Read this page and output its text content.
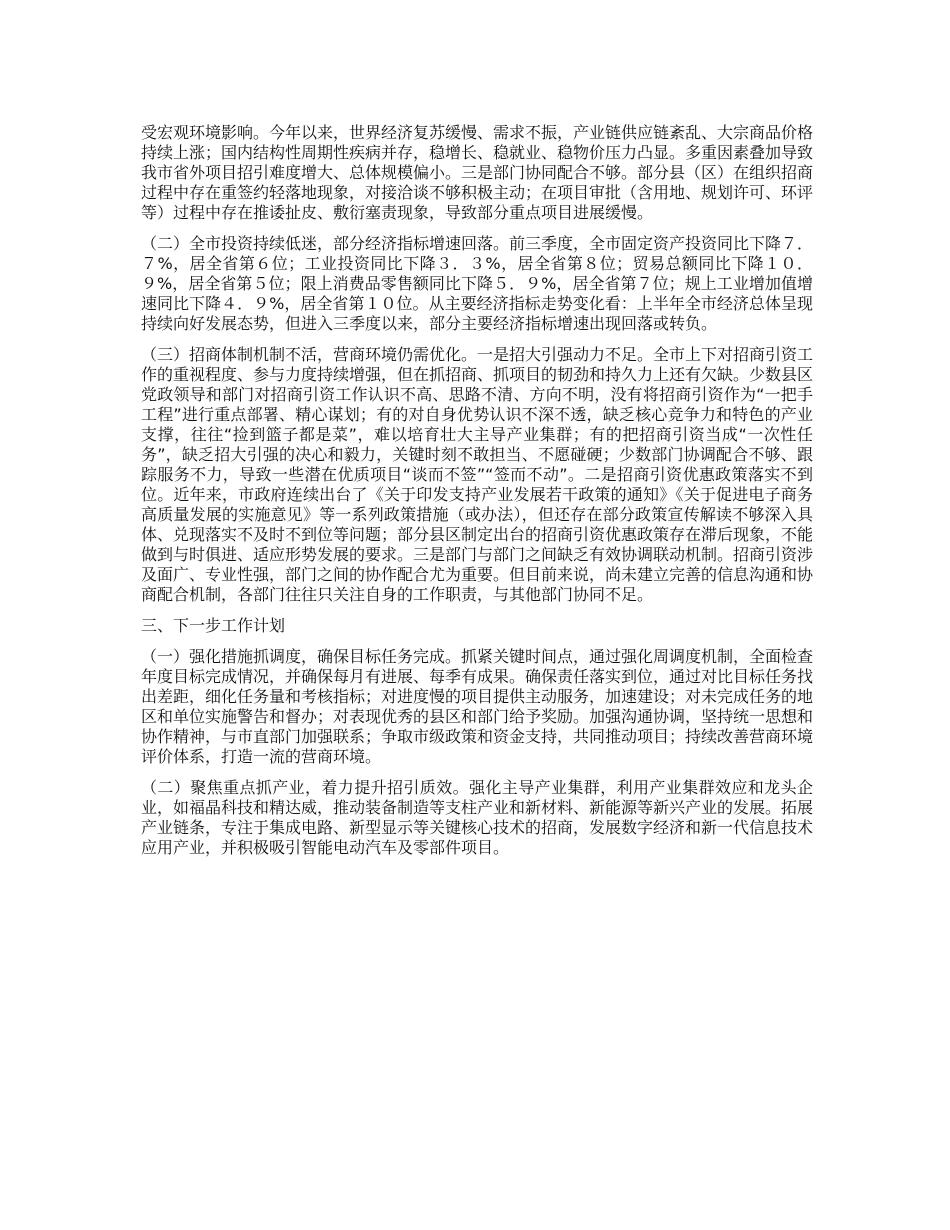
受宏观环境影响。今年以来，世界经济复苏缓慢、需求不振，产业链供应链紊乱、大宗商品价格持续上涨；国内结构性周期性疾病并存，稳增长、稳就业、稳物价压力凸显。多重因素叠加导致我市省外项目招引难度增大、总体规模偏小。三是部门协同配合不够。部分县（区）在组织招商过程中存在重签约轻落地现象，对接洽谈不够积极主动；在项目审批（含用地、规划许可、环评等）过程中存在推诿扯皮、敷衍塞责现象，导致部分重点项目进展缓慢。

（二）全市投资持续低迷，部分经济指标增速回落。前三季度，全市固定资产投资同比下降７．７%，居全省第６位；工业投资同比下降３．３%，居全省第８位；贸易总额同比下降１０．９%，居全省第５位；限上消费品零售额同比下降５．９%，居全省第７位；规上工业增加值增速同比下降４．９%，居全省第１０位。从主要经济指标走势变化看：上半年全市经济总体呈现持续向好发展态势，但进入三季度以来，部分主要经济指标增速出现回落或转负。

（三）招商体制机制不活，营商环境仍需优化。一是招大引强动力不足。全市上下对招商引资工作的重视程度、参与力度持续增强，但在抓招商、抓项目的韧劲和持久力上还有欠缺。少数县区党政领导和部门对招商引资工作认识不高、思路不清、方向不明，没有将招商引资作为“一把手工程”进行重点部署、精心谋划；有的对自身优势认识不深不透，缺乏核心竞争力和特色的产业支撑，往往“捡到篮子都是菜”，难以培育壮大主导产业集群；有的把招商引资当成“一次性任务”，缺乏招大引强的决心和毅力，关键时刻不敢担当、不愿碰硬；少数部门协调配合不够、跟踪服务不力，导致一些潜在优质项目“谈而不签”“签而不动”。二是招商引资优惠政策落实不到位。近年来，市政府连续出台了《关于印发支持产业发展若干政策的通知》《关于促进电子商务高质量发展的实施意见》等一系列政策措施（或办法），但还存在部分政策宣传解读不够深入具体、兑现落实不及时不到位等问题；部分县区制定出台的招商引资优惠政策存在滞后现象，不能做到与时俱进、适应形势发展的要求。三是部门与部门之间缺乏有效协调联动机制。招商引资涉及面广、专业性强，部门之间的协作配合尤为重要。但目前来说，尚未建立完善的信息沟通和协商配合机制，各部门往往只关注自身的工作职责，与其他部门协同不足。

三、下一步工作计划

（一）强化措施抓调度，确保目标任务完成。抓紧关键时间点，通过强化周调度机制，全面检查年度目标完成情况，并确保每月有进展、每季有成果。确保责任落实到位，通过对比目标任务找出差距，细化任务量和考核指标；对进度慢的项目提供主动服务，加速建设；对未完成任务的地区和单位实施警告和督办；对表现优秀的县区和部门给予奖励。加强沟通协调，坚持统一思想和协作精神，与市直部门加强联系；争取市级政策和资金支持，共同推动项目；持续改善营商环境评价体系，打造一流的营商环境。

（二）聚焦重点抓产业，着力提升招引质效。强化主导产业集群，利用产业集群效应和龙头企业，如福晶科技和精达威，推动装备制造等支柱产业和新材料、新能源等新兴产业的发展。拓展产业链条，专注于集成电路、新型显示等关键核心技术的招商，发展数字经济和新一代信息技术应用产业，并积极吸引智能电动汽车及零部件项目。
